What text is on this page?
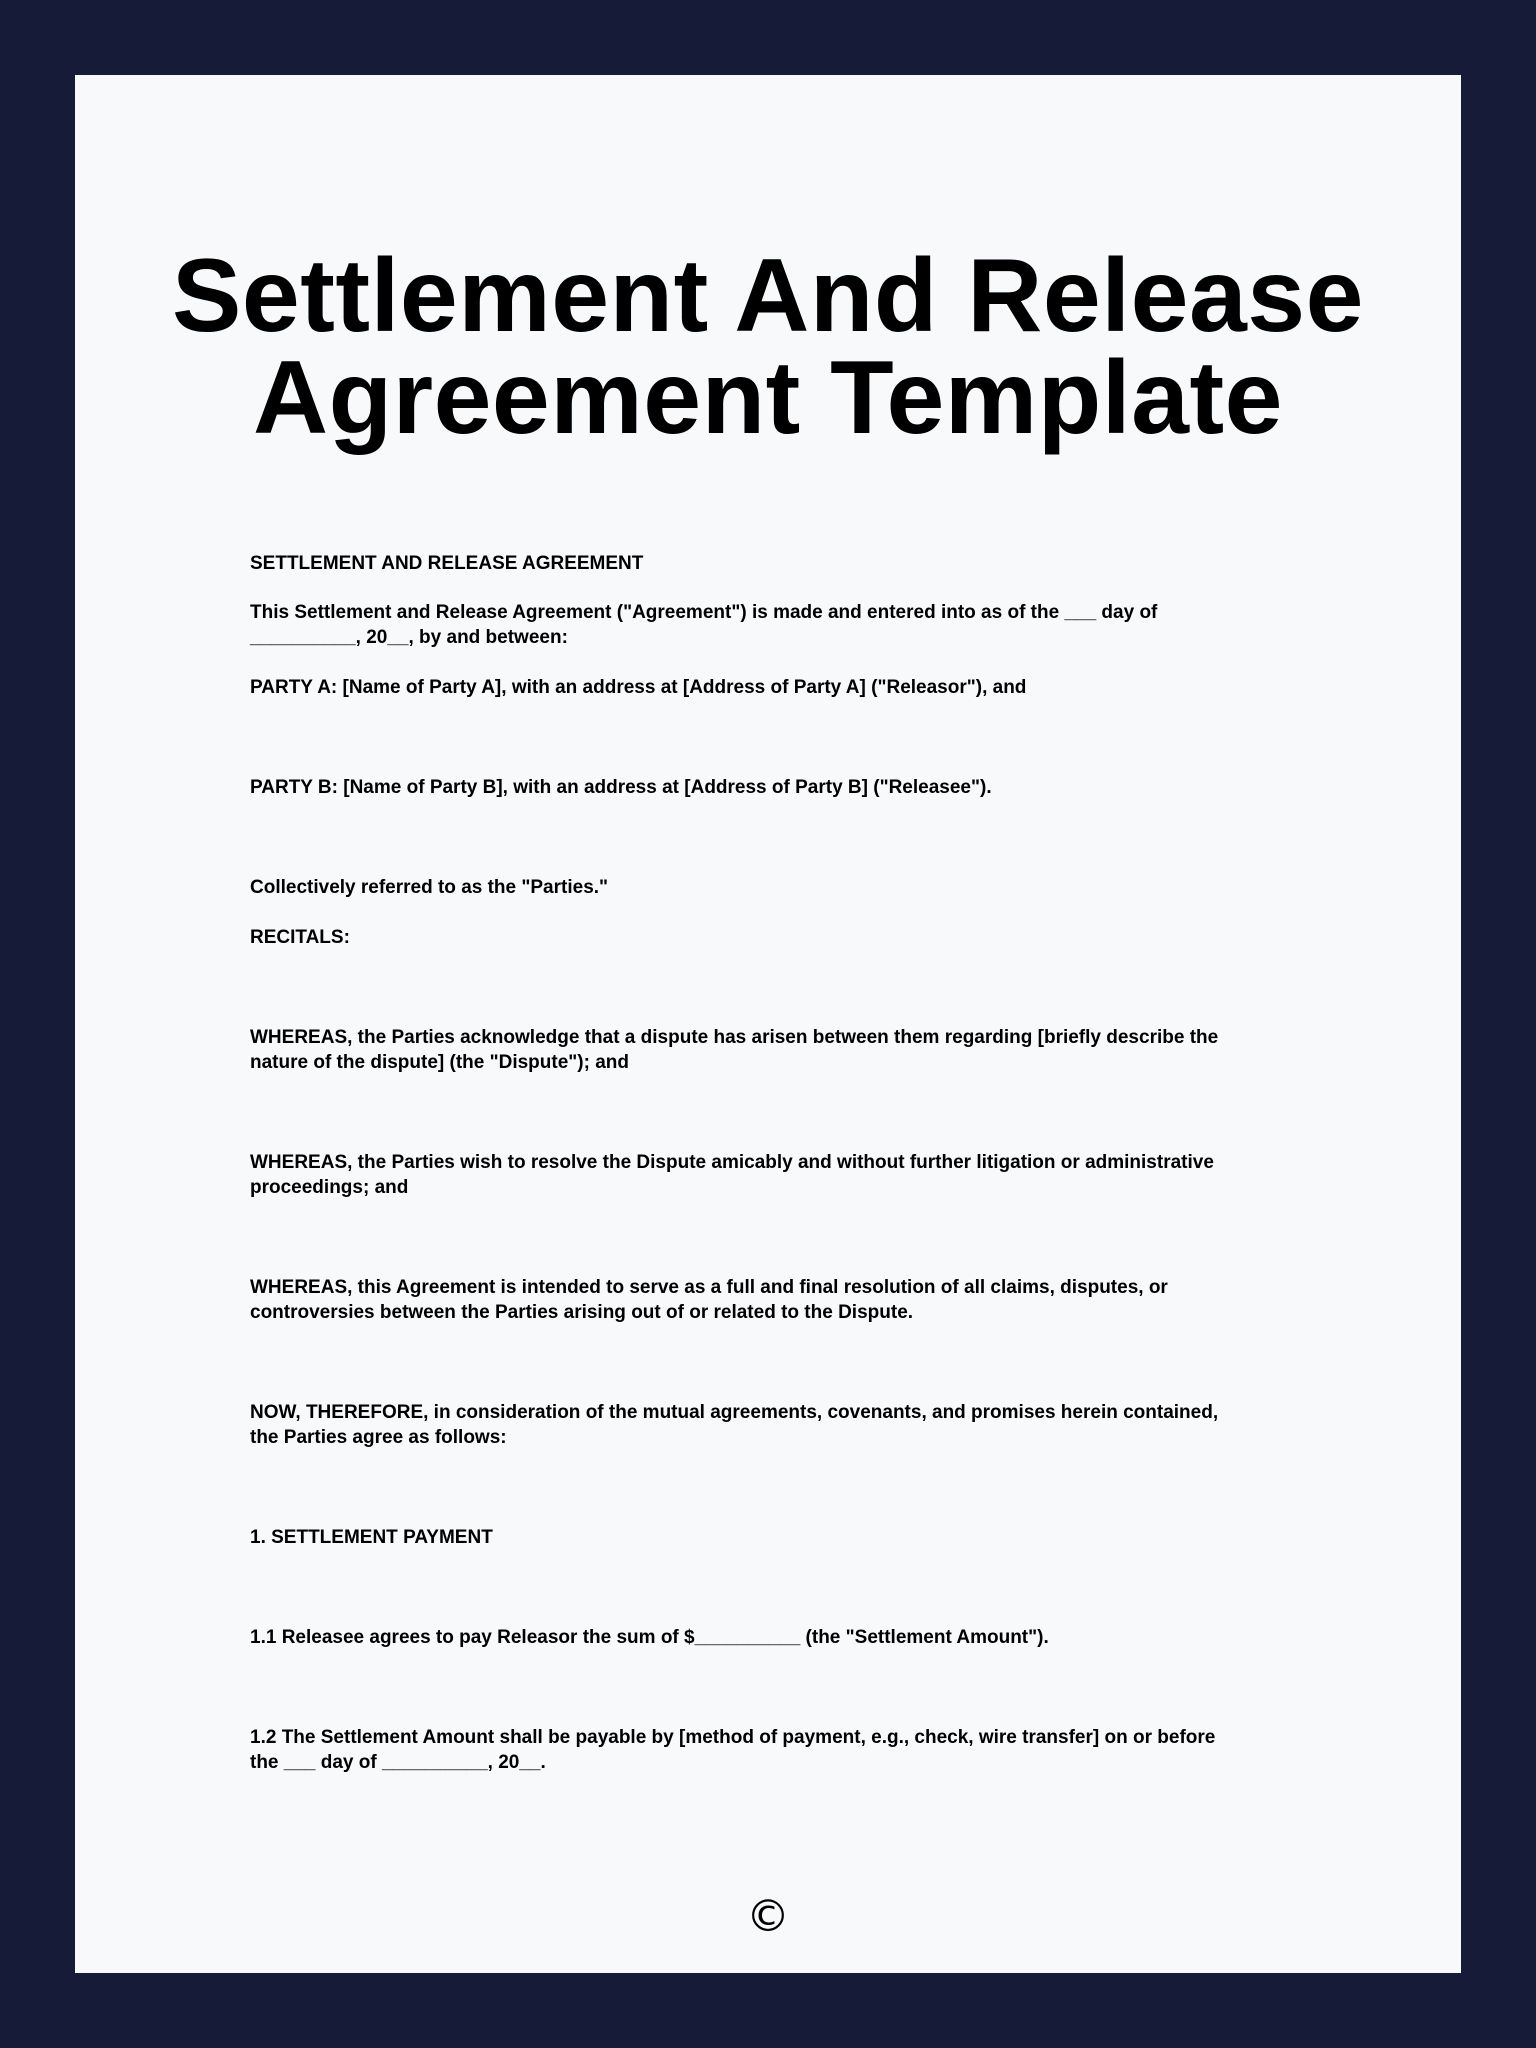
Settlement And Release
Agreement Template
SETTLEMENT AND RELEASE AGREEMENT
This Settlement and Release Agreement ("Agreement") is made and entered into as of the ___ day of
__________, 20__, by and between:
PARTY A: [Name of Party A], with an address at [Address of Party A] ("Releasor"), and
PARTY B: [Name of Party B], with an address at [Address of Party B] ("Releasee").
Collectively referred to as the "Parties."
RECITALS:
WHEREAS, the Parties acknowledge that a dispute has arisen between them regarding [briefly describe the
nature of the dispute] (the "Dispute"); and
WHEREAS, the Parties wish to resolve the Dispute amicably and without further litigation or administrative
proceedings; and
WHEREAS, this Agreement is intended to serve as a full and final resolution of all claims, disputes, or
controversies between the Parties arising out of or related to the Dispute.
NOW, THEREFORE, in consideration of the mutual agreements, covenants, and promises herein contained,
the Parties agree as follows:
1. SETTLEMENT PAYMENT
1.1 Releasee agrees to pay Releasor the sum of $__________ (the "Settlement Amount").
1.2 The Settlement Amount shall be payable by [method of payment, e.g., check, wire transfer] on or before
the ___ day of __________, 20__.
©
